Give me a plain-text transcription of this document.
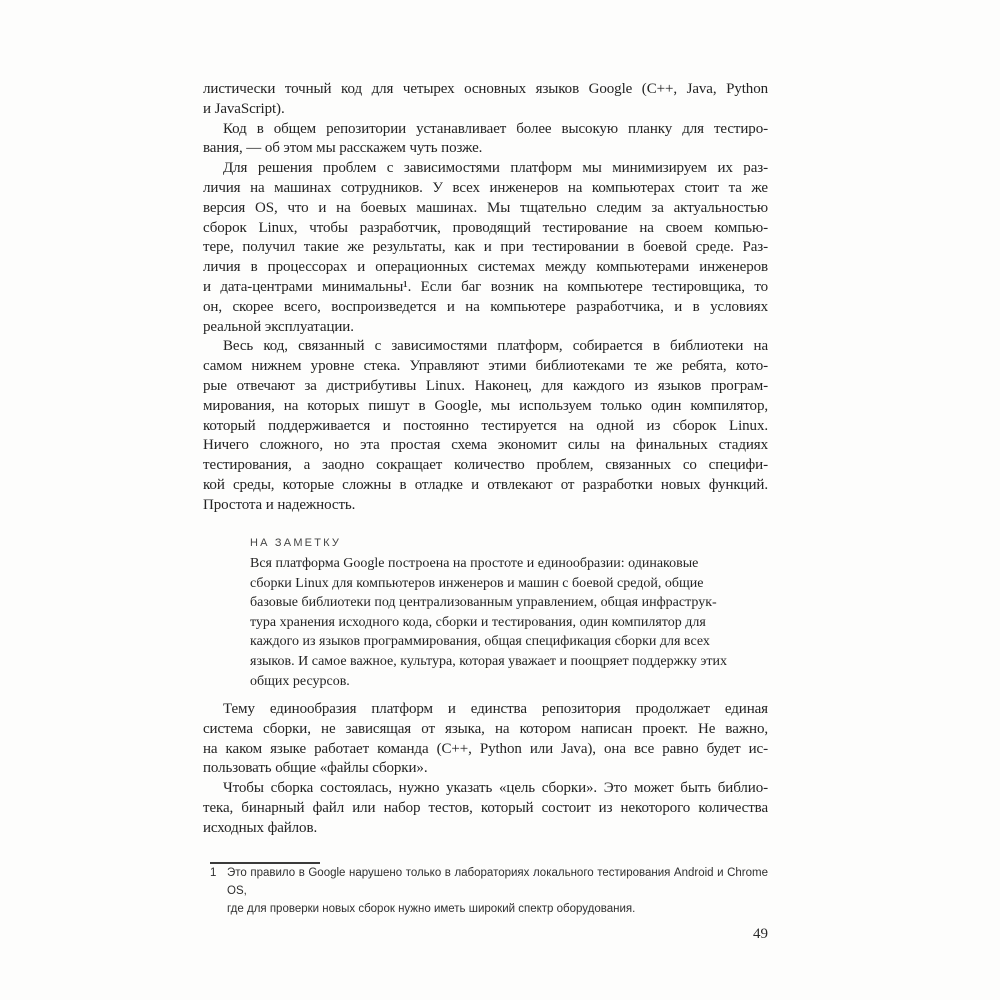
листически точный код для четырех основных языков Google (C++, Java, Python
и JavaScript).
Код в общем репозитории устанавливает более высокую планку для тестиро-
вания, — об этом мы расскажем чуть позже.
Для решения проблем с зависимостями платформ мы минимизируем их раз-
личия на машинах сотрудников. У всех инженеров на компьютерах стоит та же
версия OS, что и на боевых машинах. Мы тщательно следим за актуальностью
сборок Linux, чтобы разработчик, проводящий тестирование на своем компью-
тере, получил такие же результаты, как и при тестировании в боевой среде. Раз-
личия в процессорах и операционных системах между компьютерами инженеров
и дата-центрами минимальны¹. Если баг возник на компьютере тестировщика, то
он, скорее всего, воспроизведется и на компьютере разработчика, и в условиях
реальной эксплуатации.
Весь код, связанный с зависимостями платформ, собирается в библиотеки на
самом нижнем уровне стека. Управляют этими библиотеками те же ребята, кото-
рые отвечают за дистрибутивы Linux. Наконец, для каждого из языков програм-
мирования, на которых пишут в Google, мы используем только один компилятор,
который поддерживается и постоянно тестируется на одной из сборок Linux.
Ничего сложного, но эта простая схема экономит силы на финальных стадиях
тестирования, а заодно сокращает количество проблем, связанных со специфи-
кой среды, которые сложны в отладке и отвлекают от разработки новых функций.
Простота и надежность.
НА ЗАМЕТКУ
Вся платформа Google построена на простоте и единообразии: одинаковые
сборки Linux для компьютеров инженеров и машин с боевой средой, общие
базовые библиотеки под централизованным управлением, общая инфраструк-
тура хранения исходного кода, сборки и тестирования, один компилятор для
каждого из языков программирования, общая спецификация сборки для всех
языков. И самое важное, культура, которая уважает и поощряет поддержку этих
общих ресурсов.
Тему единообразия платформ и единства репозитория продолжает единая
система сборки, не зависящая от языка, на котором написан проект. Не важно,
на каком языке работает команда (C++, Python или Java), она все равно будет ис-
пользовать общие «файлы сборки».
Чтобы сборка состоялась, нужно указать «цель сборки». Это может быть библио-
тека, бинарный файл или набор тестов, который состоит из некоторого количества
исходных файлов.
1 Это правило в Google нарушено только в лабораториях локального тестирования Android и Chrome OS,
где для проверки новых сборок нужно иметь широкий спектр оборудования.
49
